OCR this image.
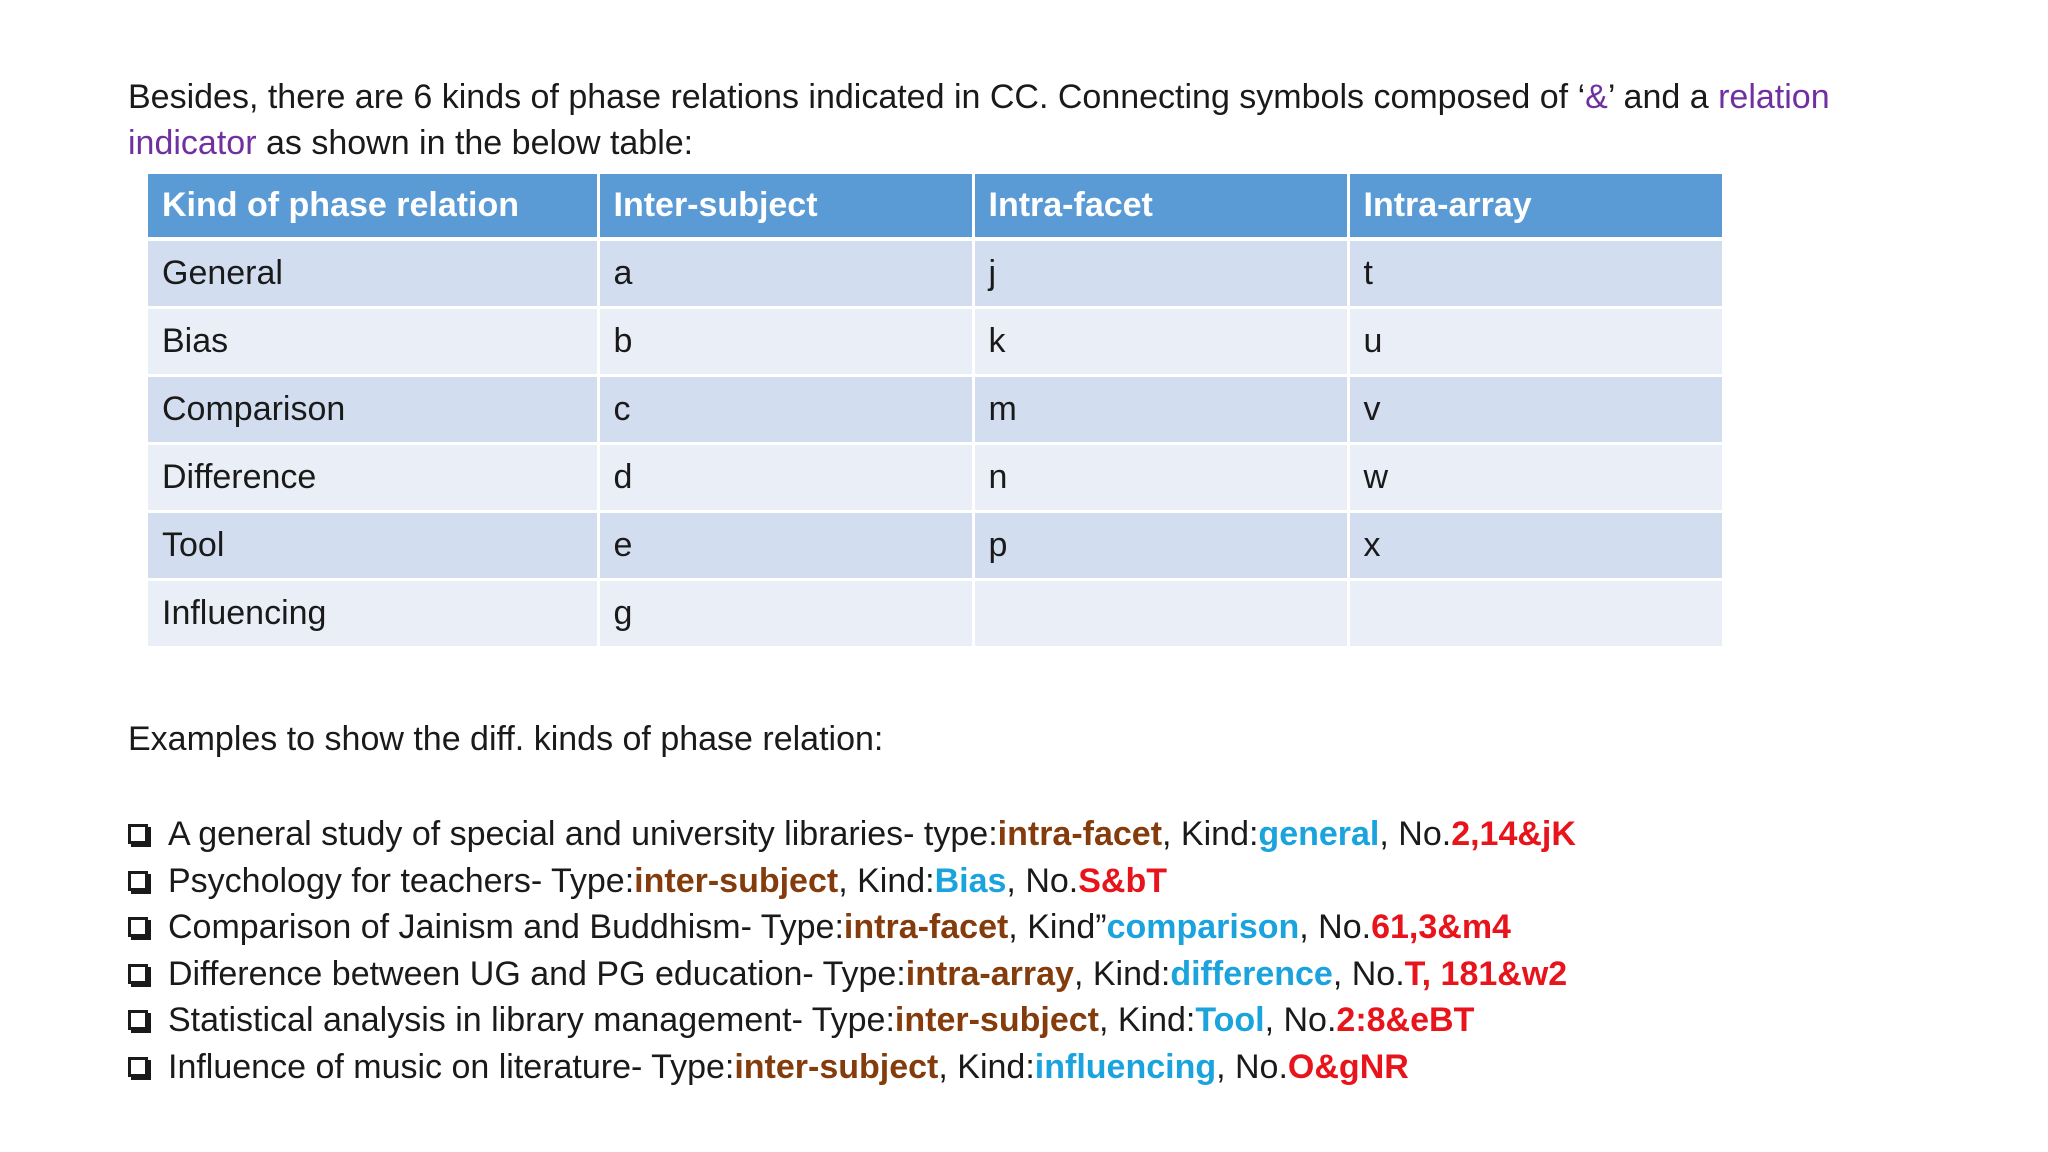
Besides, there are 6 kinds of phase relations indicated in CC. Connecting symbols composed of ‘&’ and a relation indicator as shown in the below table:

Kind of phase relation	Inter-subject	Intra-facet	Intra-array
General	a	j	t
Bias	b	k	u
Comparison	c	m	v
Difference	d	n	w
Tool	e	p	x
Influencing	g		
Examples to show the diff. kinds of phase relation:
A general study of special and university libraries- type: intra-facet , Kind: general , No. 2,14&jK
Psychology for teachers- Type: inter-subject , Kind: Bias , No. S&bT
Comparison of Jainism and Buddhism- Type: intra-facet , Kind” comparison , No. 61,3&m4
Difference between UG and PG education- Type: intra-array , Kind: difference , No. T, 181&w2
Statistical analysis in library management- Type: inter-subject , Kind: Tool , No. 2:8&eBT
Influence of music on literature- Type: inter-subject , Kind: influencing , No. O&gNR
